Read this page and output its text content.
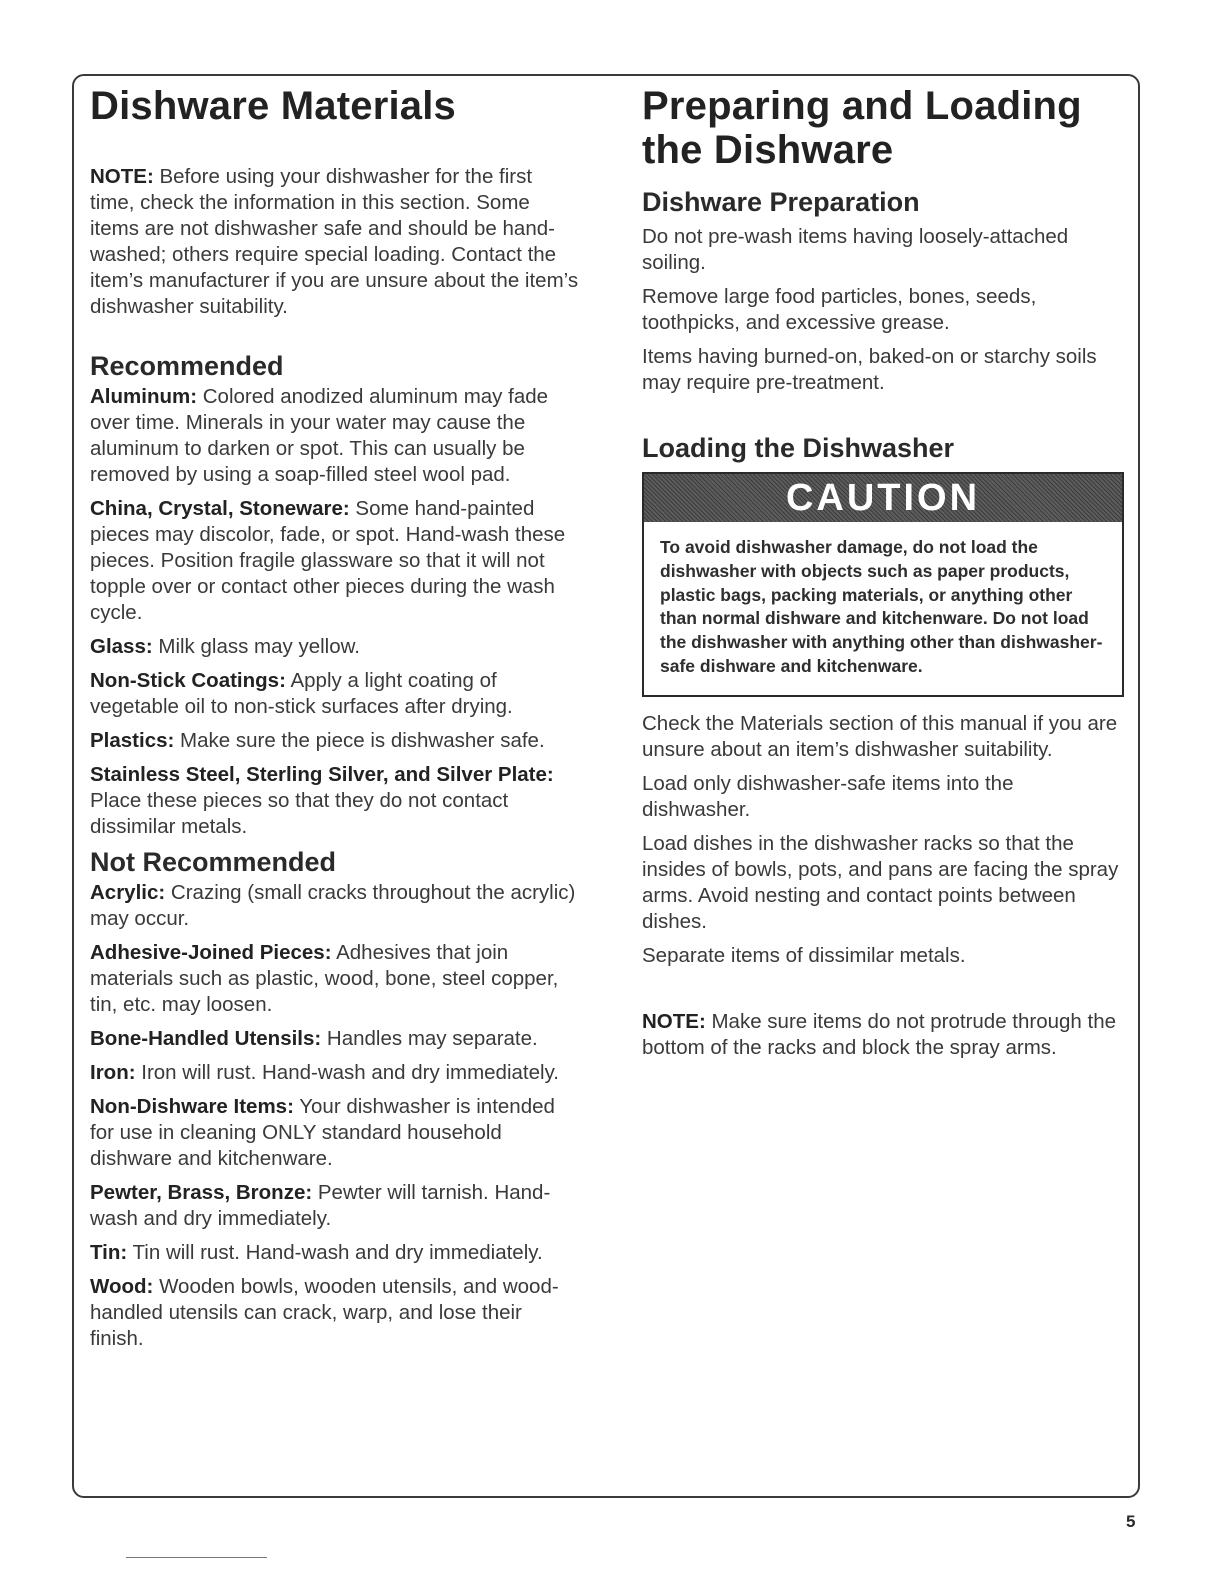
Dishware Materials

NOTE: Before using your dishwasher for the first time, check the information in this section. Some items are not dishwasher safe and should be hand-washed; others require special loading. Contact the item’s manufacturer if you are unsure about the item’s dishwasher suitability.

Recommended

Aluminum: Colored anodized aluminum may fade over time. Minerals in your water may cause the aluminum to darken or spot. This can usually be removed by using a soap-filled steel wool pad.

China, Crystal, Stoneware: Some hand-painted pieces may discolor, fade, or spot. Hand-wash these pieces. Position fragile glassware so that it will not topple over or contact other pieces during the wash cycle.

Glass: Milk glass may yellow.

Non-Stick Coatings: Apply a light coating of vegetable oil to non-stick surfaces after drying.

Plastics: Make sure the piece is dishwasher safe.

Stainless Steel, Sterling Silver, and Silver Plate: Place these pieces so that they do not contact dissimilar metals.

Not Recommended

Acrylic: Crazing (small cracks throughout the acrylic) may occur.

Adhesive-Joined Pieces: Adhesives that join materials such as plastic, wood, bone, steel copper, tin, etc. may loosen.

Bone-Handled Utensils: Handles may separate.

Iron: Iron will rust. Hand-wash and dry immediately.

Non-Dishware Items: Your dishwasher is intended for use in cleaning ONLY standard household dishware and kitchenware.

Pewter, Brass, Bronze: Pewter will tarnish. Hand-wash and dry immediately.

Tin: Tin will rust. Hand-wash and dry immediately.

Wood: Wooden bowls, wooden utensils, and wood-handled utensils can crack, warp, and lose their finish.

Preparing and Loading the Dishware
Dishware Preparation

Do not pre-wash items having loosely-attached soiling.

Remove large food particles, bones, seeds, toothpicks, and excessive grease.

Items having burned-on, baked-on or starchy soils may require pre-treatment.

Loading the Dishwasher
CAUTION
To avoid dishwasher damage, do not load the dishwasher with objects such as paper products, plastic bags, packing materials, or anything other than normal dishware and kitchenware. Do not load the dishwasher with anything other than dishwasher-safe dishware and kitchenware.

Check the Materials section of this manual if you are unsure about an item’s dishwasher suitability.

Load only dishwasher-safe items into the dishwasher.

Load dishes in the dishwasher racks so that the insides of bowls, pots, and pans are facing the spray arms. Avoid nesting and contact points between dishes.

Separate items of dissimilar metals.

NOTE: Make sure items do not protrude through the bottom of the racks and block the spray arms.

5
